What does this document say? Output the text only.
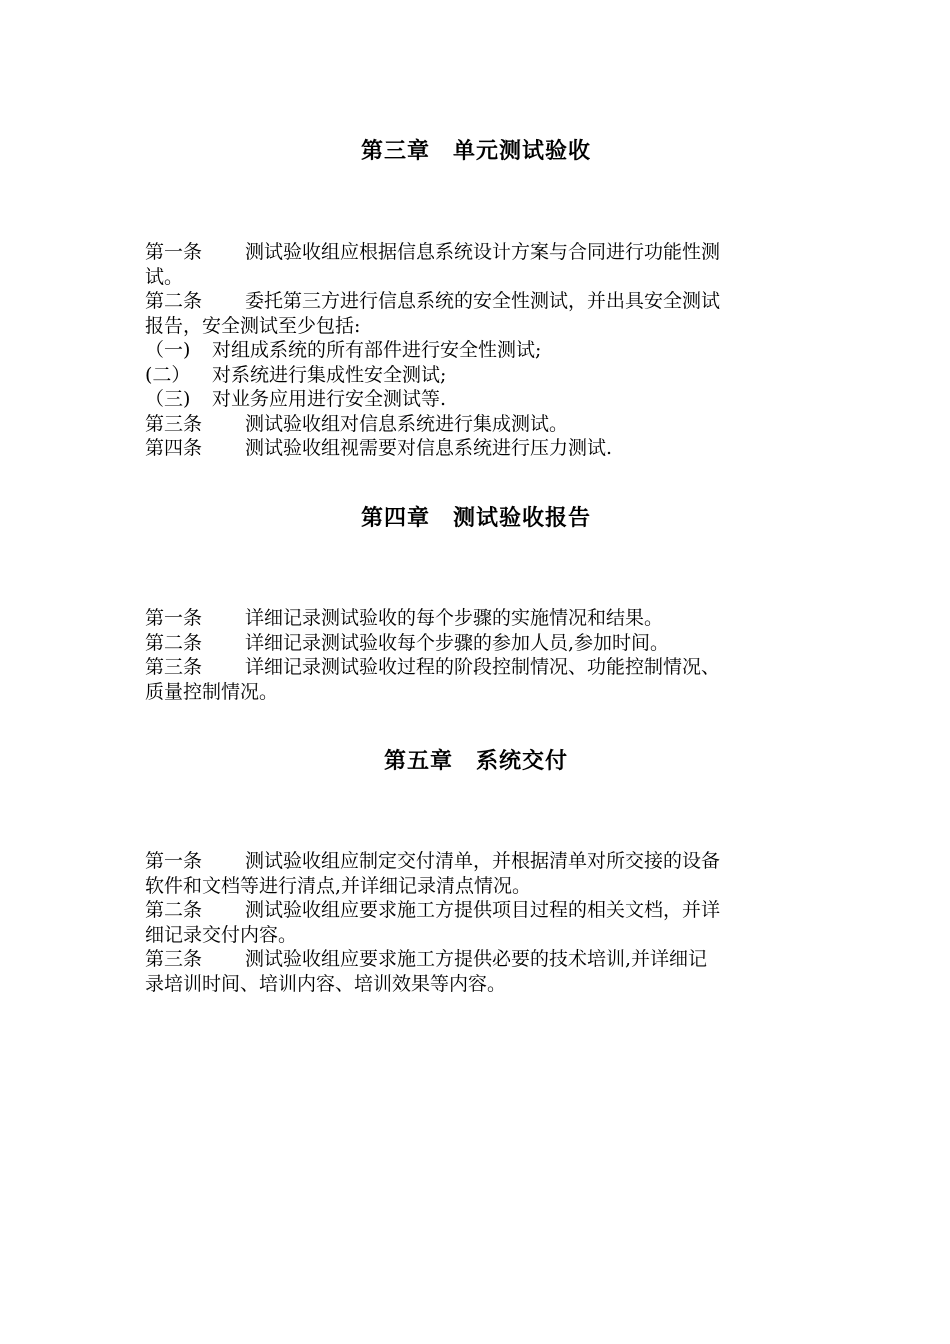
第三章　单元测试验收
第一条 测试验收组应根据信息系统设计方案与合同进行功能性测
试。
第二条 委托第三方进行信息系统的安全性测试，并出具安全测试
报告，安全测试至少包括:
（一) 对组成系统的所有部件进行安全性测试;
(二） 对系统进行集成性安全测试;
（三) 对业务应用进行安全测试等.
第三条 测试验收组对信息系统进行集成测试。
第四条 测试验收组视需要对信息系统进行压力测试.
第四章　测试验收报告
第一条 详细记录测试验收的每个步骤的实施情况和结果。
第二条 详细记录测试验收每个步骤的参加人员,参加时间。
第三条 详细记录测试验收过程的阶段控制情况、功能控制情况、
质量控制情况。
第五章　系统交付
第一条 测试验收组应制定交付清单，并根据清单对所交接的设备
软件和文档等进行清点,并详细记录清点情况。
第二条 测试验收组应要求施工方提供项目过程的相关文档，并详
细记录交付内容。
第三条 测试验收组应要求施工方提供必要的技术培训,并详细记
录培训时间、培训内容、培训效果等内容。
